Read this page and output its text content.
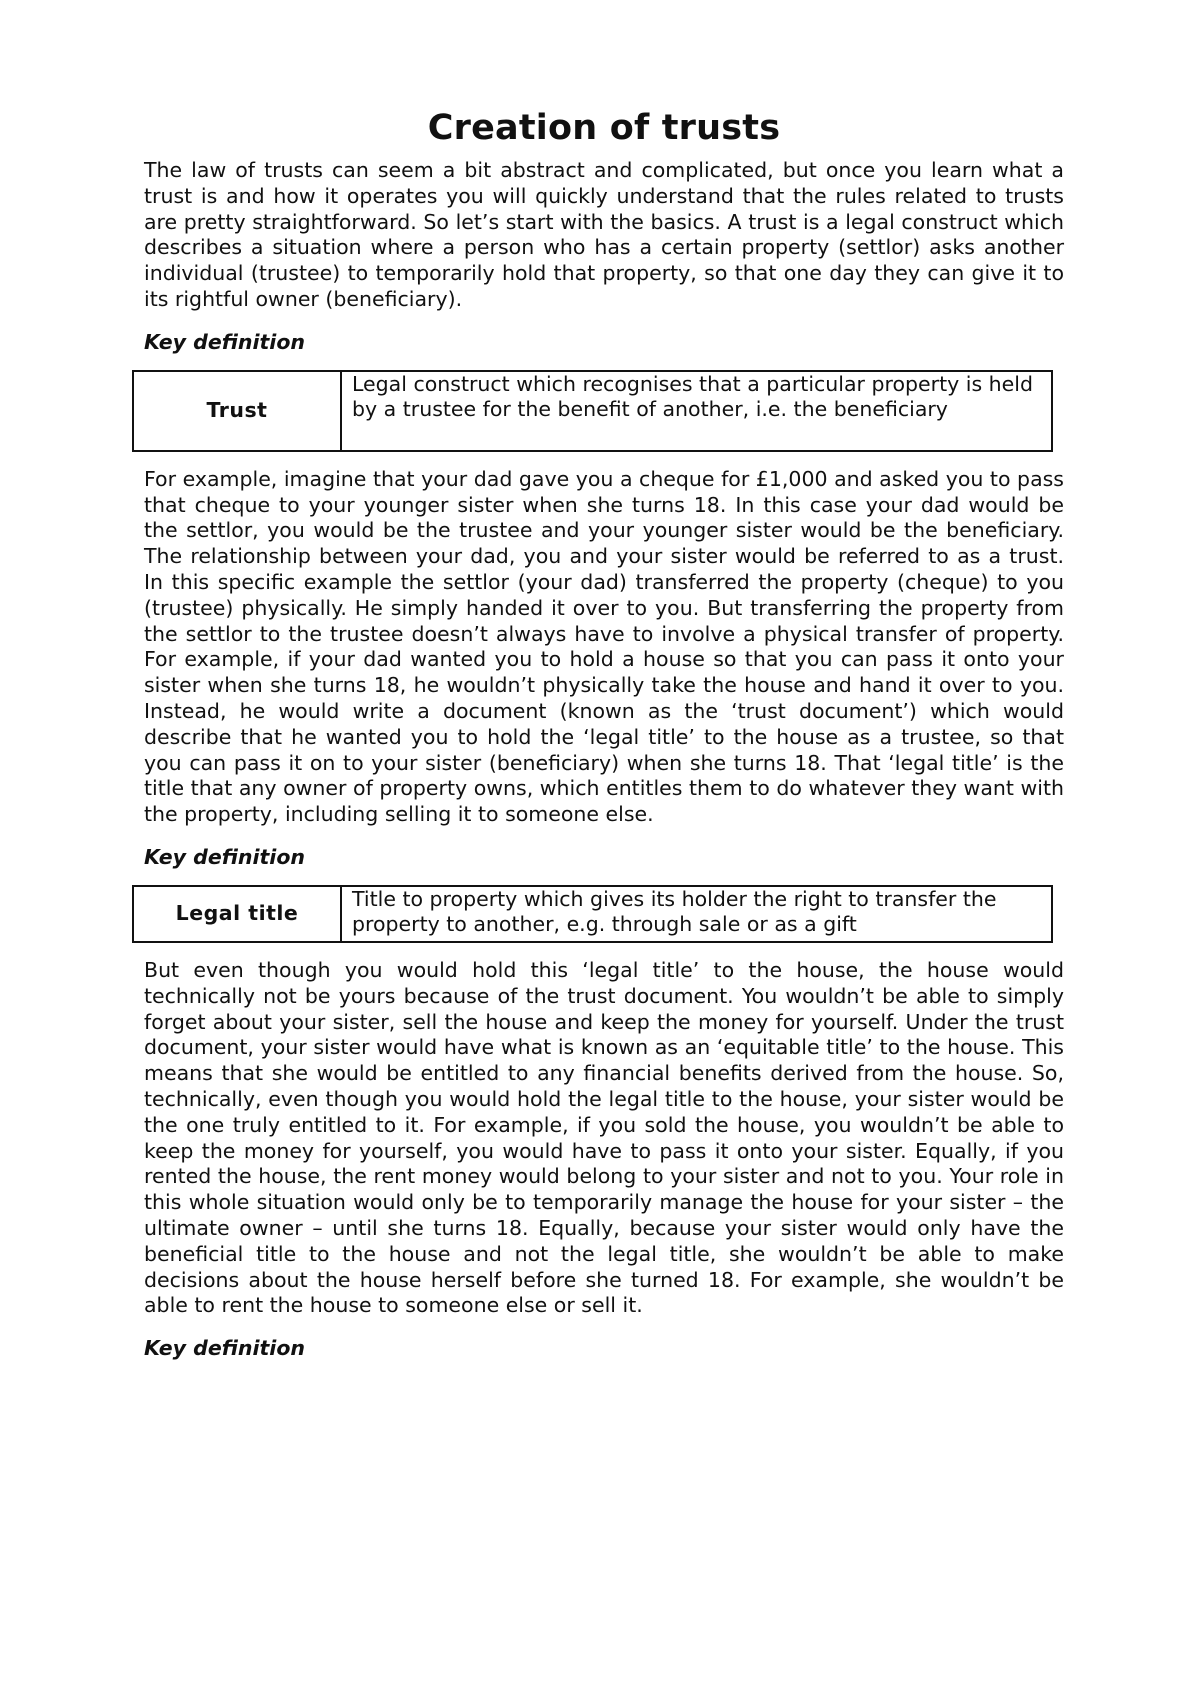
Creation of trusts

The law of trusts can seem a bit abstract and complicated, but once you learn what a trust is and how it operates you will quickly understand that the rules related to trusts are pretty straightforward. So let’s start with the basics. A trust is a legal construct which describes a situation where a person who has a certain property (settlor) asks another individual (trustee) to temporarily hold that property, so that one day they can give it to its rightful owner (beneficiary).

Key definition
Trust	Legal construct which recognises that a particular property is held by a trustee for the benefit of another, i.e. the beneficiary

For example, imagine that your dad gave you a cheque for £1,000 and asked you to pass that cheque to your younger sister when she turns 18. In this case your dad would be the settlor, you would be the trustee and your younger sister would be the beneficiary. The relationship between your dad, you and your sister would be referred to as a trust. In this specific example the settlor (your dad) transferred the property (cheque) to you (trustee) physically. He simply handed it over to you. But transferring the property from the settlor to the trustee doesn’t always have to involve a physical transfer of property. For example, if your dad wanted you to hold a house so that you can pass it onto your sister when she turns 18, he wouldn’t physically take the house and hand it over to you. Instead, he would write a document (known as the ‘trust document’) which would describe that he wanted you to hold the ‘legal title’ to the house as a trustee, so that you can pass it on to your sister (beneficiary) when she turns 18. That ‘legal title’ is the title that any owner of property owns, which entitles them to do whatever they want with the property, including selling it to someone else.

Key definition
Legal title	Title to property which gives its holder the right to transfer the property to another, e.g. through sale or as a gift

But even though you would hold this ‘legal title’ to the house, the house would technically not be yours because of the trust document. You wouldn’t be able to simply forget about your sister, sell the house and keep the money for yourself. Under the trust document, your sister would have what is known as an ‘equitable title’ to the house. This means that she would be entitled to any financial benefits derived from the house. So, technically, even though you would hold the legal title to the house, your sister would be the one truly entitled to it. For example, if you sold the house, you wouldn’t be able to keep the money for yourself, you would have to pass it onto your sister. Equally, if you rented the house, the rent money would belong to your sister and not to you. Your role in this whole situation would only be to temporarily manage the house for your sister – the ultimate owner – until she turns 18. Equally, because your sister would only have the beneficial title to the house and not the legal title, she wouldn’t be able to make decisions about the house herself before she turned 18. For example, she wouldn’t be able to rent the house to someone else or sell it.

Key definition
